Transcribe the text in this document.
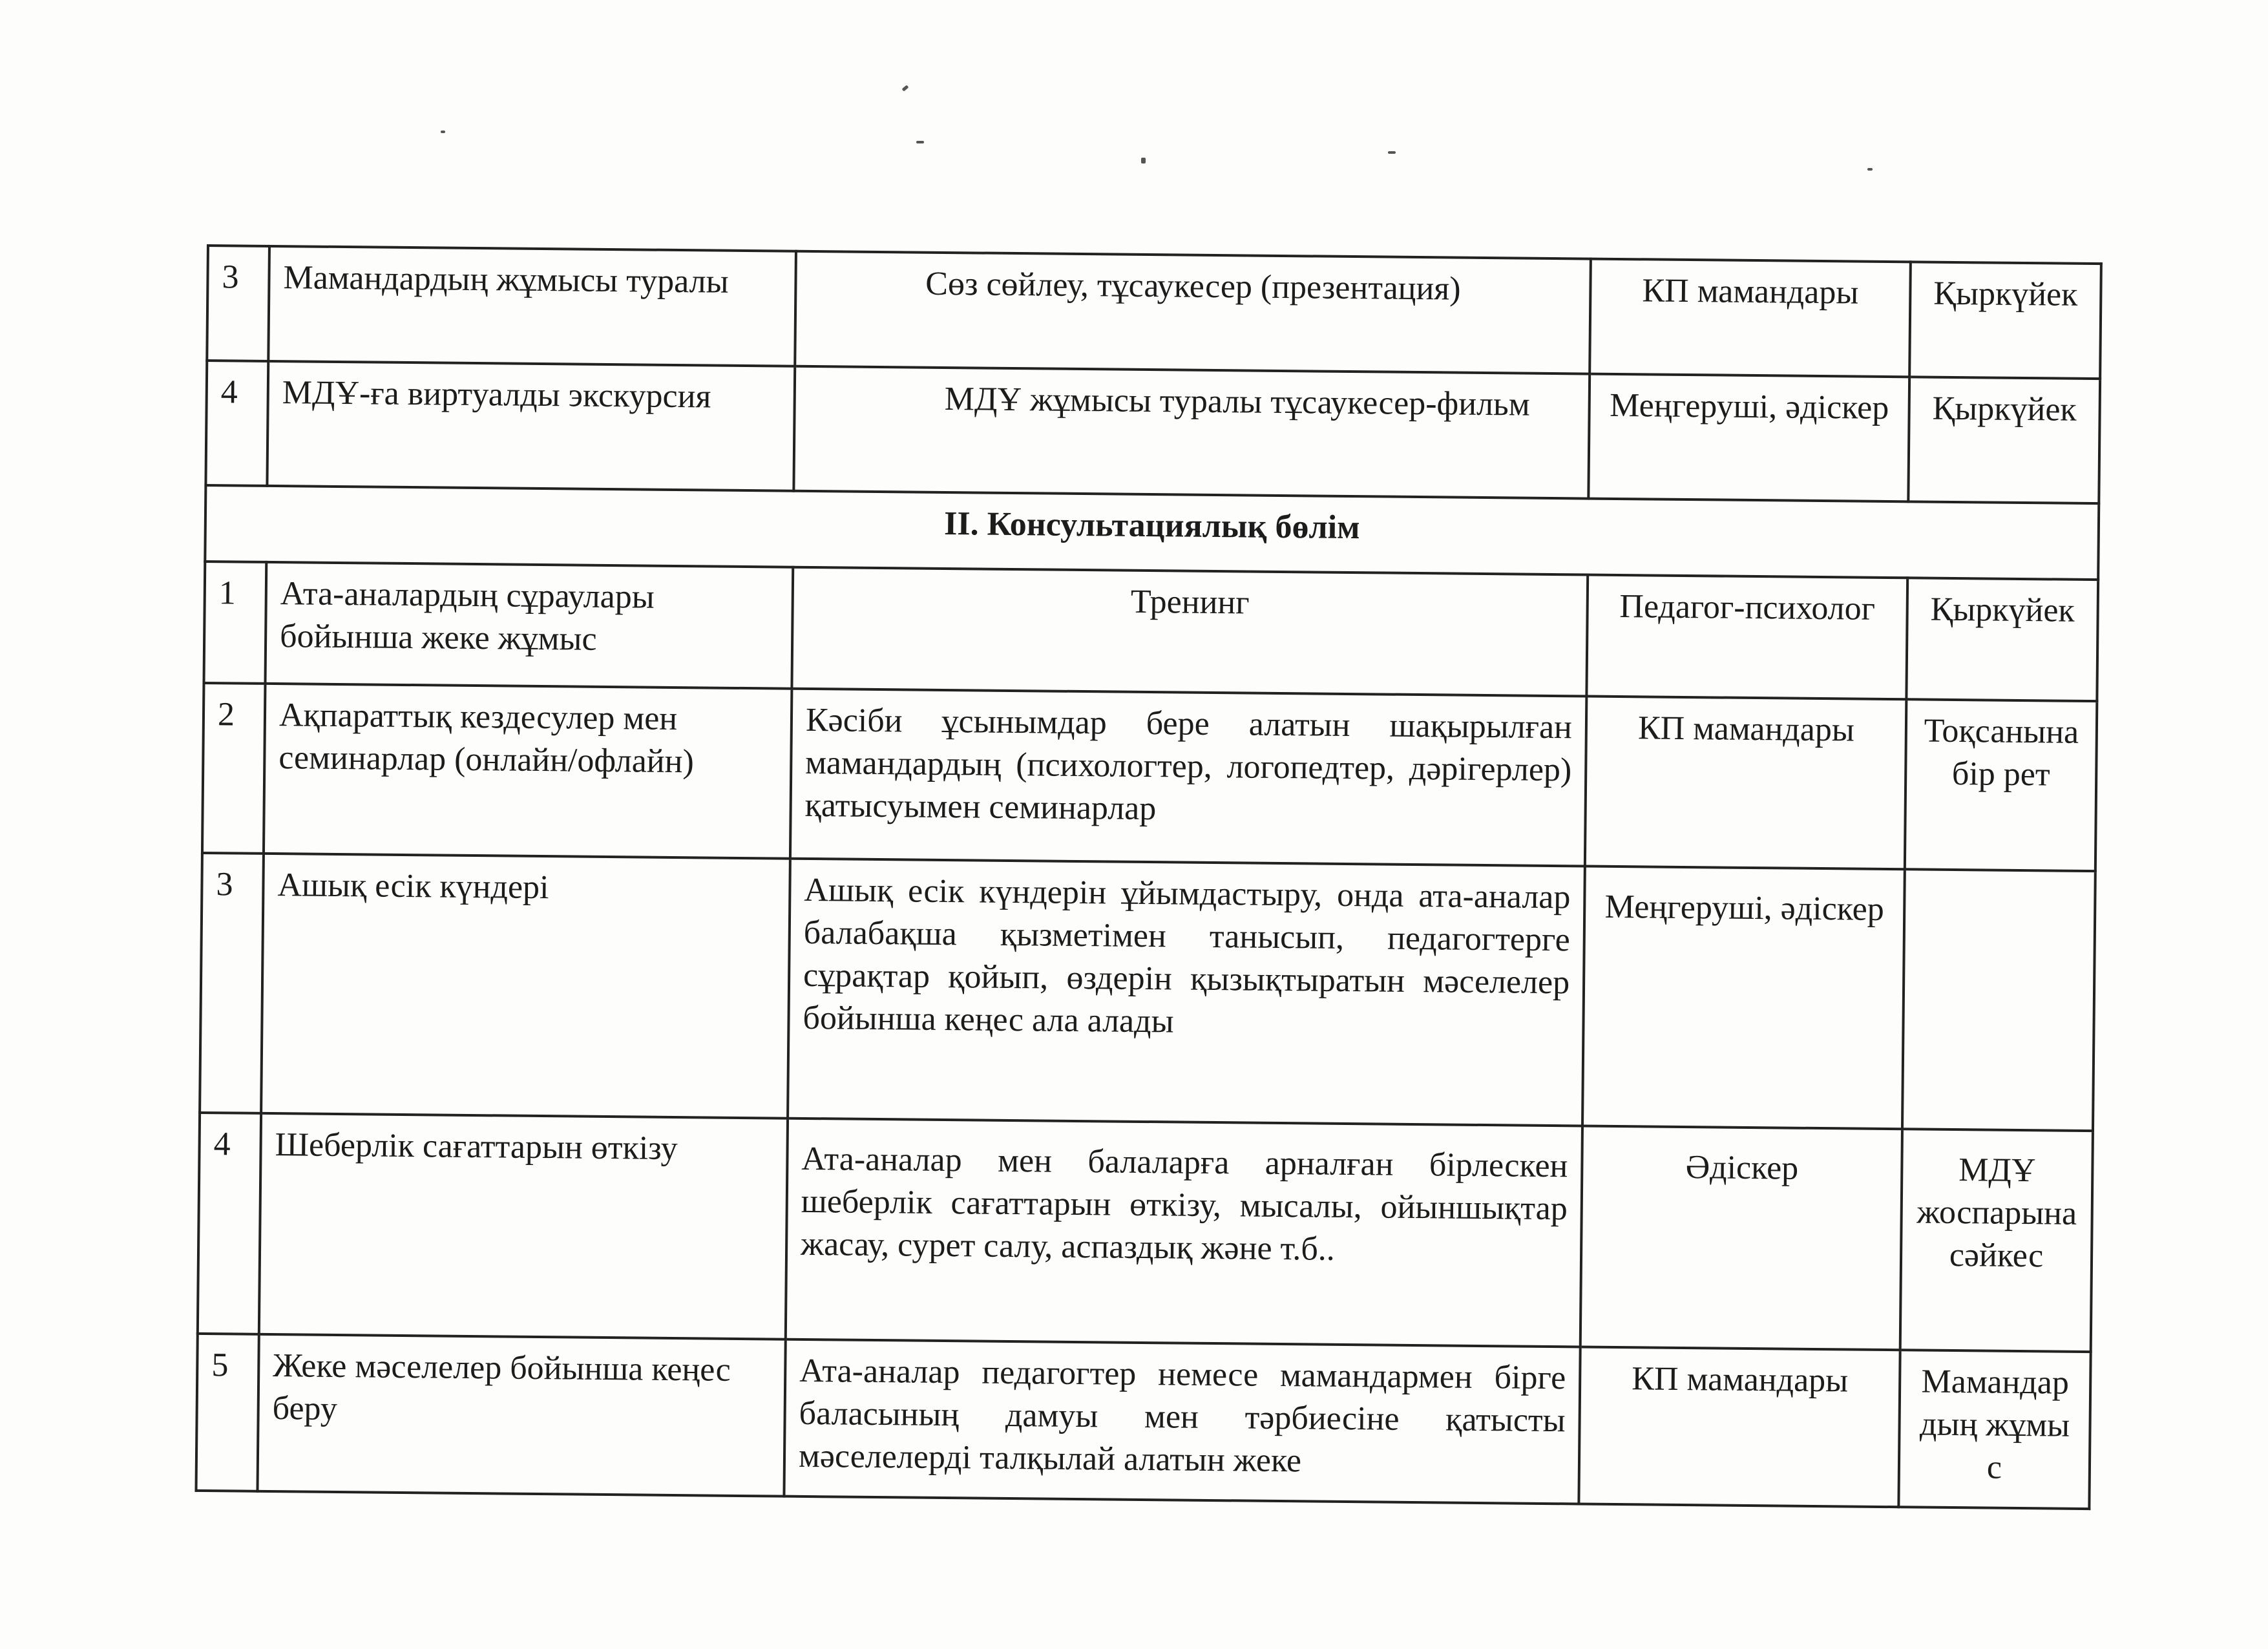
3	Мамандардың жұмысы туралы	Сөз сөйлеу, тұсаукесер (презентация)	КП мамандары	Қыркүйек
4	МДҰ-ға виртуалды экскурсия	МДҰ жұмысы туралы тұсаукесер-фильм	Меңгеруші, әдіскер	Қыркүйек
II. Консультациялық бөлім				
1	Ата-аналардың сұраулары бойынша жеке жұмыс	Тренинг	Педагог-психолог	Қыркүйек
2	Ақпараттық кездесулер мен семинарлар (онлайн/офлайн)	Кәсіби ұсынымдар бере алатын шақырылған мамандардың (психологтер, логопедтер, дәрігерлер) қатысуымен семинарлар	КП мамандары	Тоқсанына бір рет
3	Ашық есік күндері	Ашық есік күндерін ұйымдастыру, онда ата-аналар балабақша қызметімен танысып, педагогтерге сұрақтар қойып, өздерін қызықтыратын мәселелер бойынша кеңес ала алады	Меңгеруші, әдіскер	
4	Шеберлік сағаттарын өткізу	Ата-аналар мен балаларға арналған бірлескен шеберлік сағаттарын өткізу, мысалы, ойыншықтар жасау, сурет салу, аспаздық және т.б..	Әдіскер	МДҰ жоспарына сәйкес
5	Жеке мәселелер бойынша кеңес беру	Ата-аналар педагогтер немесе мамандармен бірге баласының дамуы мен тәрбиесіне қатысты мәселелерді талқылай алатын жеке	КП мамандары	Мамандардың жұмыс
